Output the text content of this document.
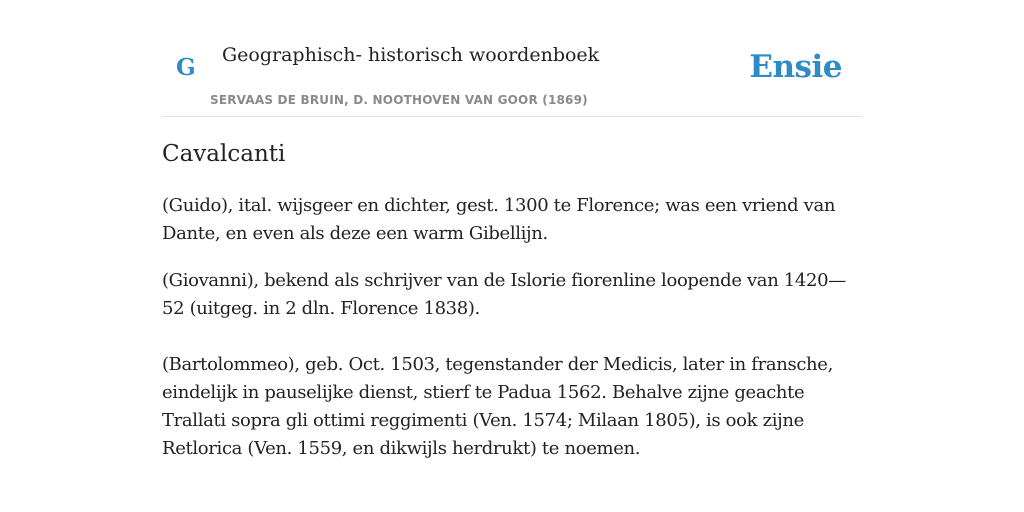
G Geographisch- historisch woordenboek
SERVAAS DE BRUIN, D. NOOTHOVEN VAN GOOR (1869)
Ensie
Cavalcanti

(Guido), ital. wijsgeer en dichter, gest. 1300 te Florence; was een vriend van Dante, en even als deze een warm Gibellijn.

(Giovanni), bekend als schrijver van de Islorie fiorenline loopende van 1420—52 (uitgeg. in 2 dln. Florence 1838).

(Bartolommeo), geb. Oct. 1503, tegenstander der Medicis, later in fransche, eindelijk in pauselijke dienst, stierf te Padua 1562. Behalve zijne geachte Trallati sopra gli ottimi reggimenti (Ven. 1574; Milaan 1805), is ook zijne Retlorica (Ven. 1559, en dikwijls herdrukt) te noemen.
